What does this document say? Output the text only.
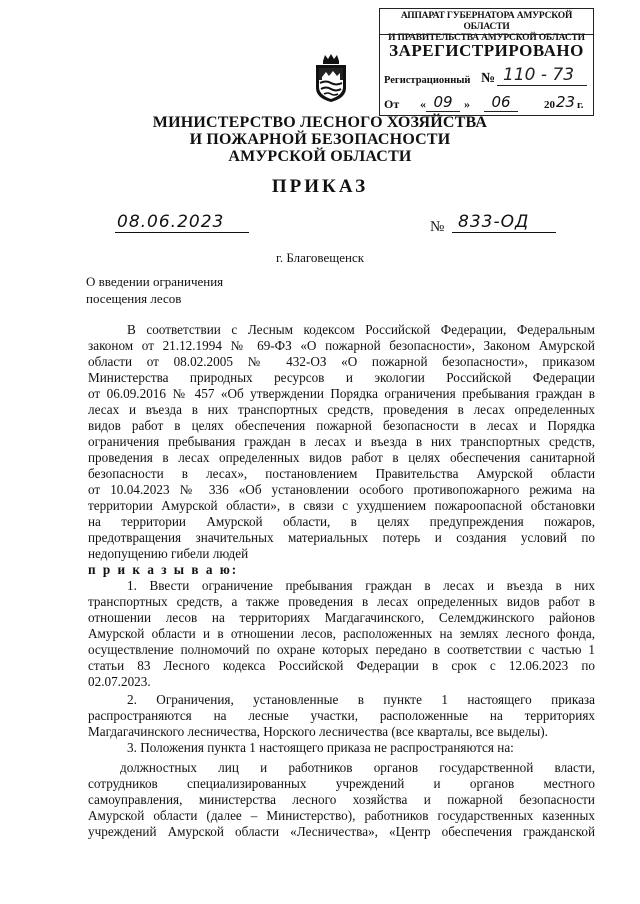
АППАРАТ ГУБЕРНАТОРА АМУРСКОЙ ОБЛАСТИ
И ПРАВИТЕЛЬСТВА АМУРСКОЙ ОБЛАСТИ
ЗАРЕГИСТРИРОВАНО
Регистрационный № 110 - 73
От « 09 »	06	20 23 г.
МИНИСТЕРСТВО ЛЕСНОГО ХОЗЯЙСТВА
И ПОЖАРНОЙ БЕЗОПАСНОСТИ
АМУРСКОЙ ОБЛАСТИ
ПРИКАЗ
08.06.2023	№ 833-ОД
г. Благовещенск
О введении ограничения
посещения лесов
В соответствии с Лесным кодексом Российской Федерации, Федеральным
законом от 21.12.1994 № 69-ФЗ «О пожарной безопасности», Законом Амурской
области от 08.02.2005 № 432-ОЗ «О пожарной безопасности», приказом
Министерства природных ресурсов и экологии Российской Федерации
от 06.09.2016 № 457 «Об утверждении Порядка ограничения пребывания граждан в
лесах и въезда в них транспортных средств, проведения в лесах определенных
видов работ в целях обеспечения пожарной безопасности в лесах и Порядка
ограничения пребывания граждан в лесах и въезда в них транспортных средств,
проведения в лесах определенных видов работ в целях обеспечения санитарной
безопасности в лесах», постановлением Правительства Амурской области
от 10.04.2023 № 336 «Об установлении особого противопожарного режима на
территории Амурской области», в связи с ухудшением пожароопасной обстановки
на территории Амурской области, в целях предупреждения пожаров,
предотвращения значительных материальных потерь и создания условий по
недопущению гибели людей
п р и к а з ы в а ю:
1. Ввести ограничение пребывания граждан в лесах и въезда в них
транспортных средств, а также проведения в лесах определенных видов работ в
отношении лесов на территориях Магдагачинского, Селемджинского районов
Амурской области и в отношении лесов, расположенных на землях лесного фонда,
осуществление полномочий по охране которых передано в соответствии с частью 1
статьи 83 Лесного кодекса Российской Федерации в срок с 12.06.2023 по
02.07.2023.
2. Ограничения, установленные в пункте 1 настоящего приказа
распространяются на лесные участки, расположенные на территориях
Магдагачинского лесничества, Норского лесничества (все кварталы, все выделы).
3. Положения пункта 1 настоящего приказа не распространяются на:
должностных лиц и работников органов государственной власти,
сотрудников специализированных учреждений и органов местного
самоуправления, министерства лесного хозяйства и пожарной безопасности
Амурской области (далее – Министерство), работников государственных казенных
учреждений Амурской области «Лесничества», «Центр обеспечения гражданской
